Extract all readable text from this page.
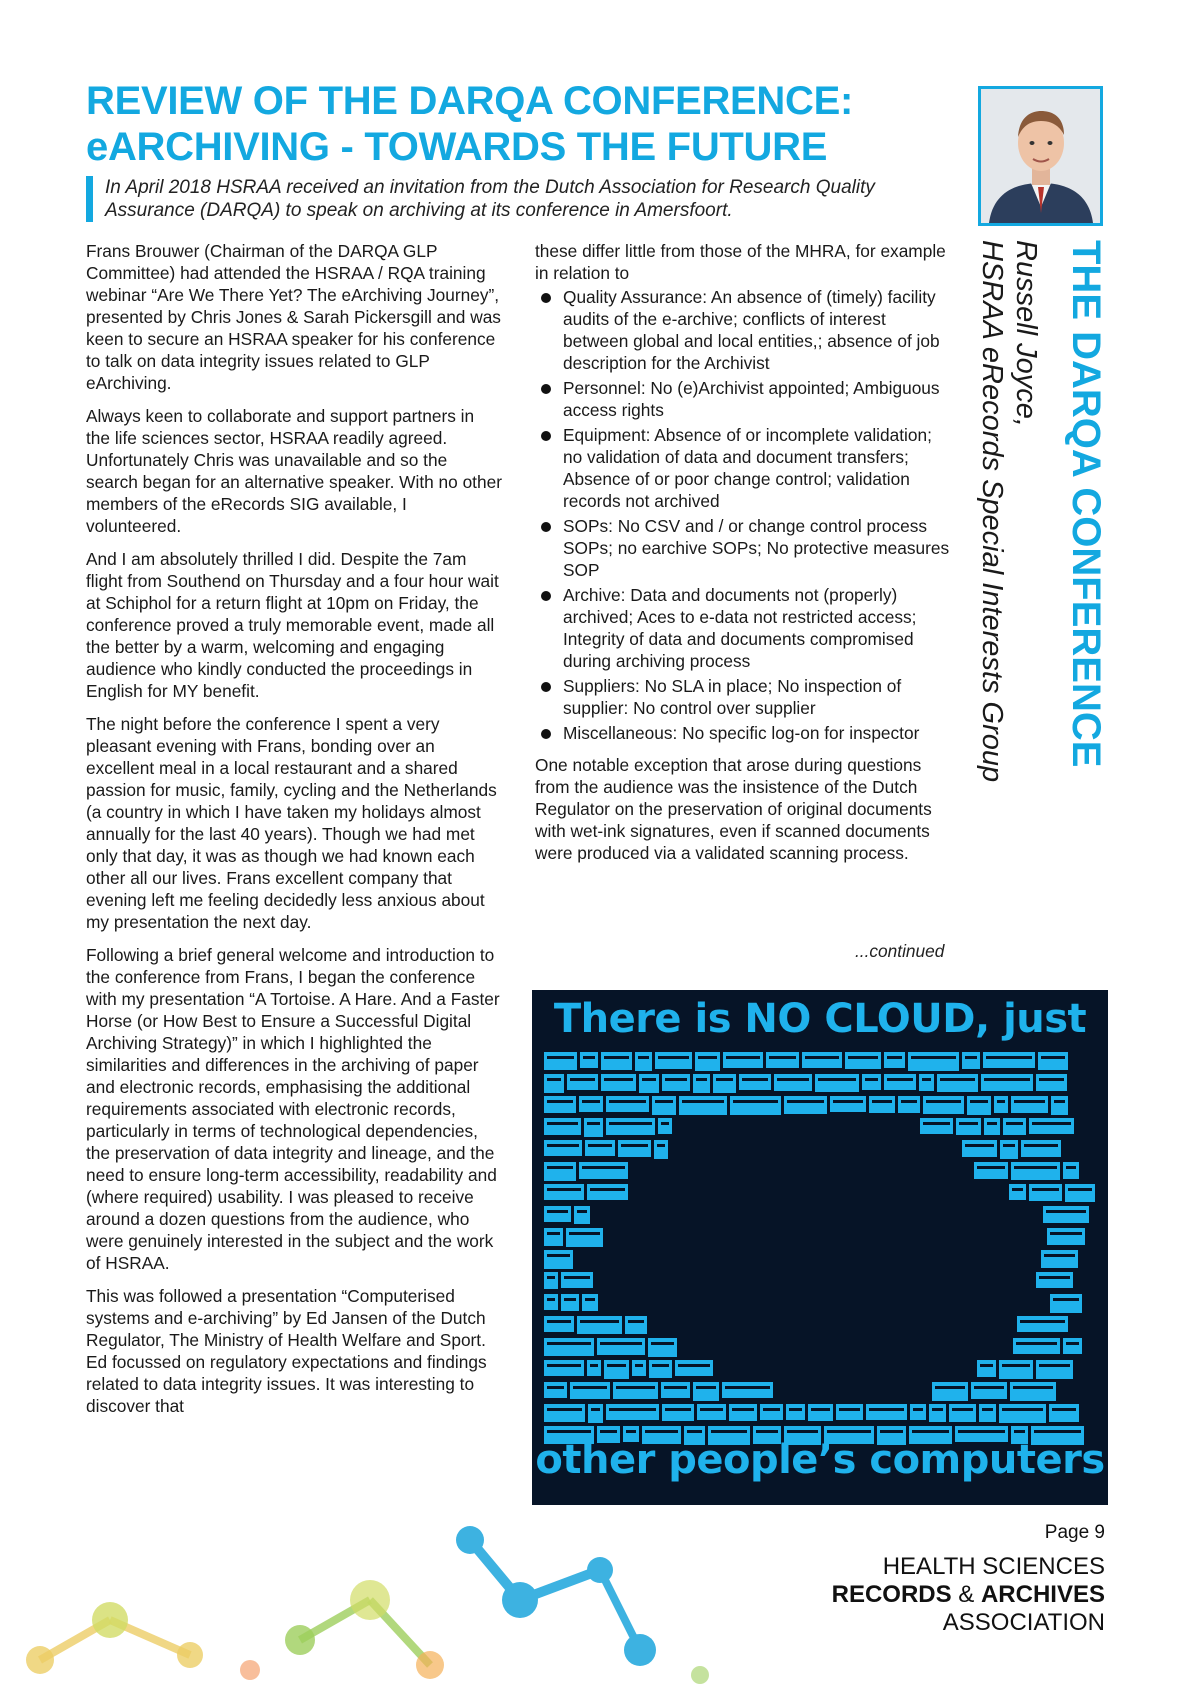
REVIEW OF THE DARQA CONFERENCE:
eARCHIVING - TOWARDS THE FUTURE
In April 2018 HSRAA received an invitation from the Dutch Association for Research Quality Assurance (DARQA) to speak on archiving at its conference in Amersfoort.

Frans Brouwer (Chairman of the DARQA GLP Committee) had attended the HSRAA / RQA training webinar “Are We There Yet? The eArchiving Journey”, presented by Chris Jones & Sarah Pickersgill and was keen to secure an HSRAA speaker for his conference to talk on data integrity issues related to GLP eArchiving.

Always keen to collaborate and support partners in the life sciences sector, HSRAA readily agreed. Unfortunately Chris was unavailable and so the search began for an alternative speaker. With no other members of the eRecords SIG available, I volunteered.

And I am absolutely thrilled I did. Despite the 7am flight from Southend on Thursday and a four hour wait at Schiphol for a return flight at 10pm on Friday, the conference proved a truly memorable event, made all the better by a warm, welcoming and engaging audience who kindly conducted the proceedings in English for MY benefit.

The night before the conference I spent a very pleasant evening with Frans, bonding over an excellent meal in a local restaurant and a shared passion for music, family, cycling and the Netherlands (a country in which I have taken my holidays almost annually for the last 40 years). Though we had met only that day, it was as though we had known each other all our lives. Frans excellent company that evening left me feeling decidedly less anxious about my presentation the next day.

Following a brief general welcome and introduction to the conference from Frans, I began the conference with my presentation “A Tortoise. A Hare. And a Faster Horse (or How Best to Ensure a Successful Digital Archiving Strategy)” in which I highlighted the similarities and differences in the archiving of paper and electronic records, emphasising the additional requirements associated with electronic records, particularly in terms of technological dependencies, the preservation of data integrity and lineage, and the need to ensure long-term accessibility, readability and (where required) usability. I was pleased to receive around a dozen questions from the audience, who were genuinely interested in the subject and the work of HSRAA.

This was followed a presentation “Computerised systems and e-archiving” by Ed Jansen of the Dutch Regulator, The Ministry of Health Welfare and Sport. Ed focussed on regulatory expectations and findings related to data integrity issues. It was interesting to discover that

these differ little from those of the MHRA, for example in relation to

Quality Assurance: An absence of (timely) facility audits of the e-archive; conflicts of interest between global and local entities,; absence of job description for the Archivist
Personnel: No (e)Archivist appointed; Ambiguous access rights
Equipment: Absence of or incomplete validation; no validation of data and document transfers; Absence of or poor change control; validation records not archived
SOPs: No CSV and / or change control process SOPs; no earchive SOPs; No protective measures SOP
Archive: Data and documents not (properly) archived; Aces to e-data not restricted access; Integrity of data and documents compromised during archiving process
Suppliers: No SLA in place; No inspection of supplier: No control over supplier
Miscellaneous: No specific log-on for inspector

One notable exception that arose during questions from the audience was the insistence of the Dutch Regulator on the preservation of original documents with wet-ink signatures, even if scanned documents were produced via a validated scanning process.

...continued
THE DARQA CONFERENCE
Russell Joyce,
HSRAA eRecords Special Interests Group
There is NO CLOUD, just
other people’s computers
Page 9
HEALTH SCIENCES
RECORDS & ARCHIVES
ASSOCIATION
